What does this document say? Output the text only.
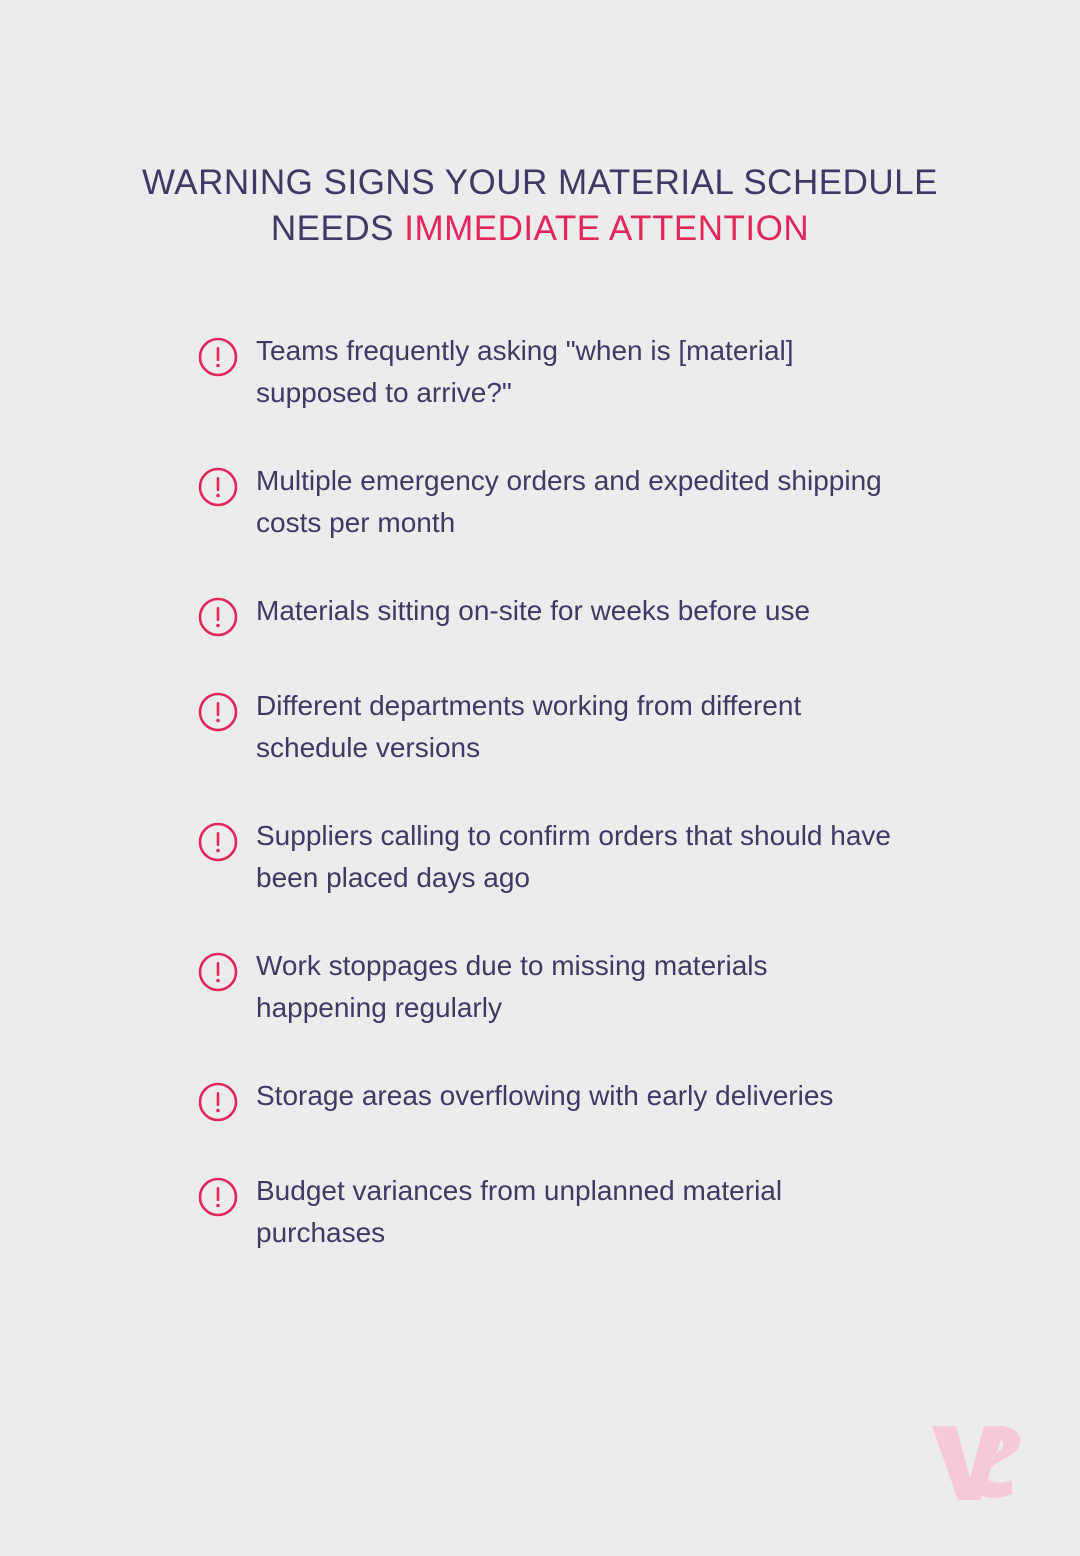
WARNING SIGNS YOUR MATERIAL SCHEDULE
NEEDS IMMEDIATE ATTENTION
Teams frequently asking "when is [material] supposed to arrive?"
Multiple emergency orders and expedited shipping costs per month
Materials sitting on-site for weeks before use
Different departments working from different schedule versions
Suppliers calling to confirm orders that should have been placed days ago
Work stoppages due to missing materials happening regularly
Storage areas overflowing with early deliveries
Budget variances from unplanned material purchases
